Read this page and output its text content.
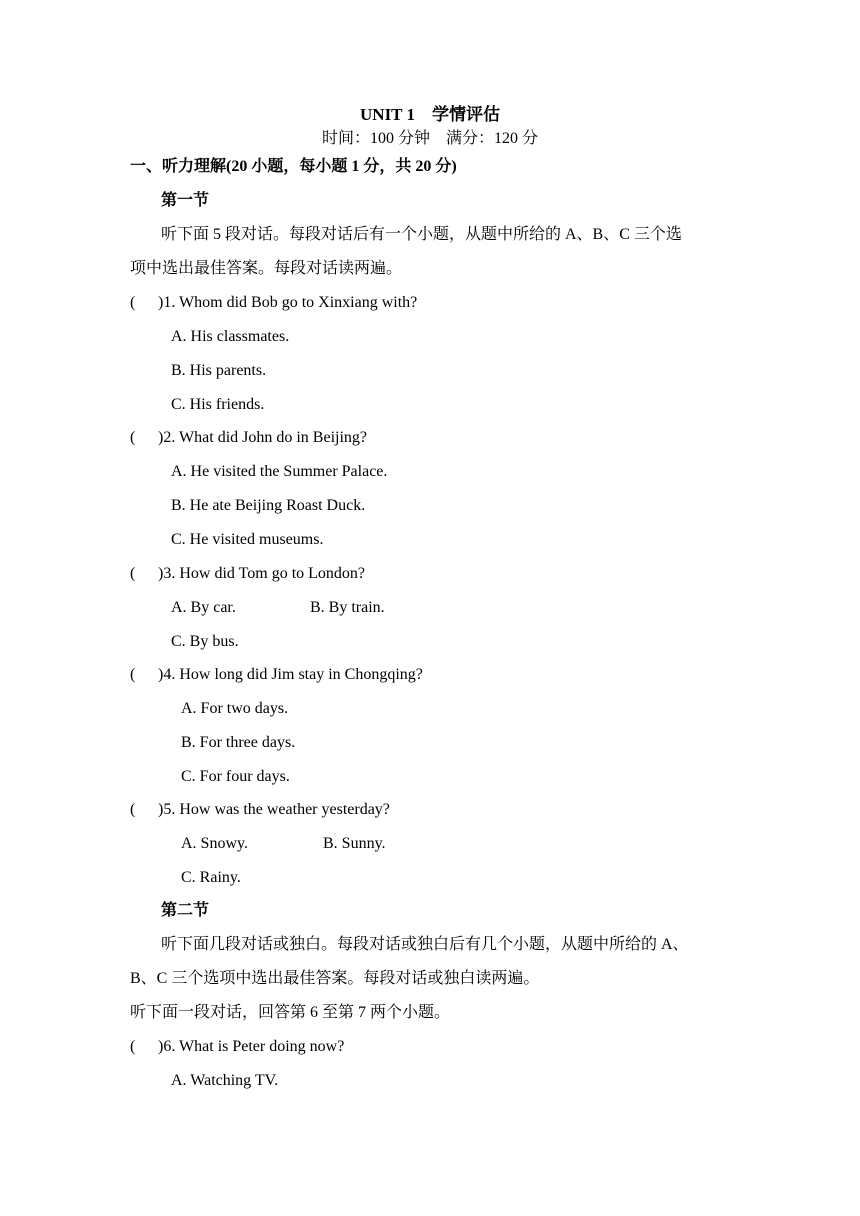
UNIT 1　学情评估
时间：100 分钟　满分：120 分
一、听力理解(20 小题，每小题 1 分，共 20 分)
第一节
听下面 5 段对话。每段对话后有一个小题，从题中所给的 A、B、C 三个选
项中选出最佳答案。每段对话读两遍。
( )1. Whom did Bob go to Xinxiang with?
A. His classmates.
B. His parents.
C. His friends.
( )2. What did John do in Beijing?
A. He visited the Summer Palace.
B. He ate Beijing Roast Duck.
C. He visited museums.
( )3. How did Tom go to London?
A. By car.	B. By train.
C. By bus.
( )4. How long did Jim stay in Chongqing?
A. For two days.
B. For three days.
C. For four days.
( )5. How was the weather yesterday?
A. Snowy.	B. Sunny.
C. Rainy.
第二节
听下面几段对话或独白。每段对话或独白后有几个小题，从题中所给的 A、
B、C 三个选项中选出最佳答案。每段对话或独白读两遍。
听下面一段对话，回答第 6 至第 7 两个小题。
( )6. What is Peter doing now?
A. Watching TV.
